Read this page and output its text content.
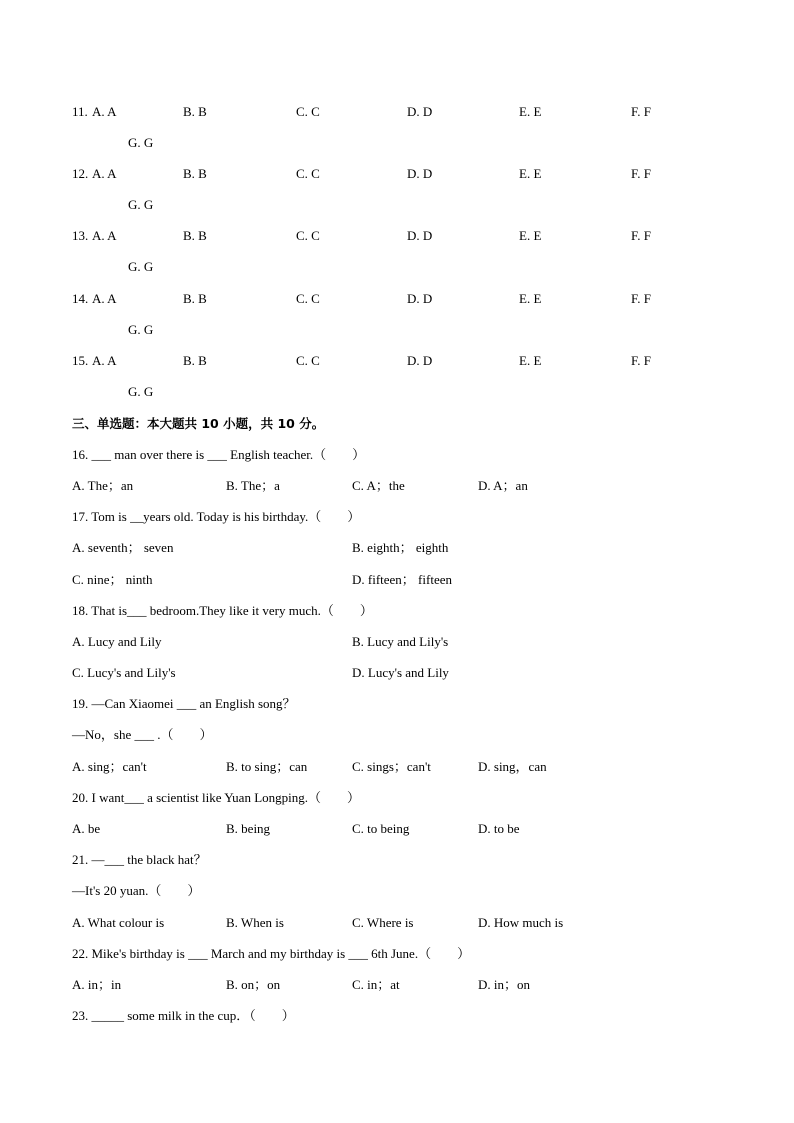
11. A. A	B. B	C. C	D. D	E. E	F. F
G. G
12. A. A	B. B	C. C	D. D	E. E	F. F
G. G
13. A. A	B. B	C. C	D. D	E. E	F. F
G. G
14. A. A	B. B	C. C	D. D	E. E	F. F
G. G
15. A. A	B. B	C. C	D. D	E. E	F. F
G. G
三、单选题：本大题共 10 小题，共 10 分。
16. ___ man over there is ___ English teacher.（　　）
A. The；an	B. The；a	C. A；the	D. A；an
17. Tom is __years old. Today is his birthday.（　　）
A. seventh； seven	B. eighth； eighth
C. nine； ninth	D. fifteen； fifteen
18. That is___ bedroom.They like it very much.（　　）
A. Lucy and Lily	B. Lucy and Lily's
C. Lucy's and Lily's	D. Lucy's and Lily
19. —Can Xiaomei ___ an English song？
—No，she ___ .（　　）
A. sing；can't	B. to sing；can	C. sings；can't	D. sing，can
20. I want___ a scientist like Yuan Longping.（　　）
A. be	B. being	C. to being	D. to be
21. —___ the black hat？
—It's 20 yuan.（　　）
A. What colour is	B. When is	C. Where is	D. How much is
22. Mike's birthday is ___ March and my birthday is ___ 6th June.（　　）
A. in；in	B. on；on	C. in；at	D. in；on
23. _____ some milk in the cup．（　　）
